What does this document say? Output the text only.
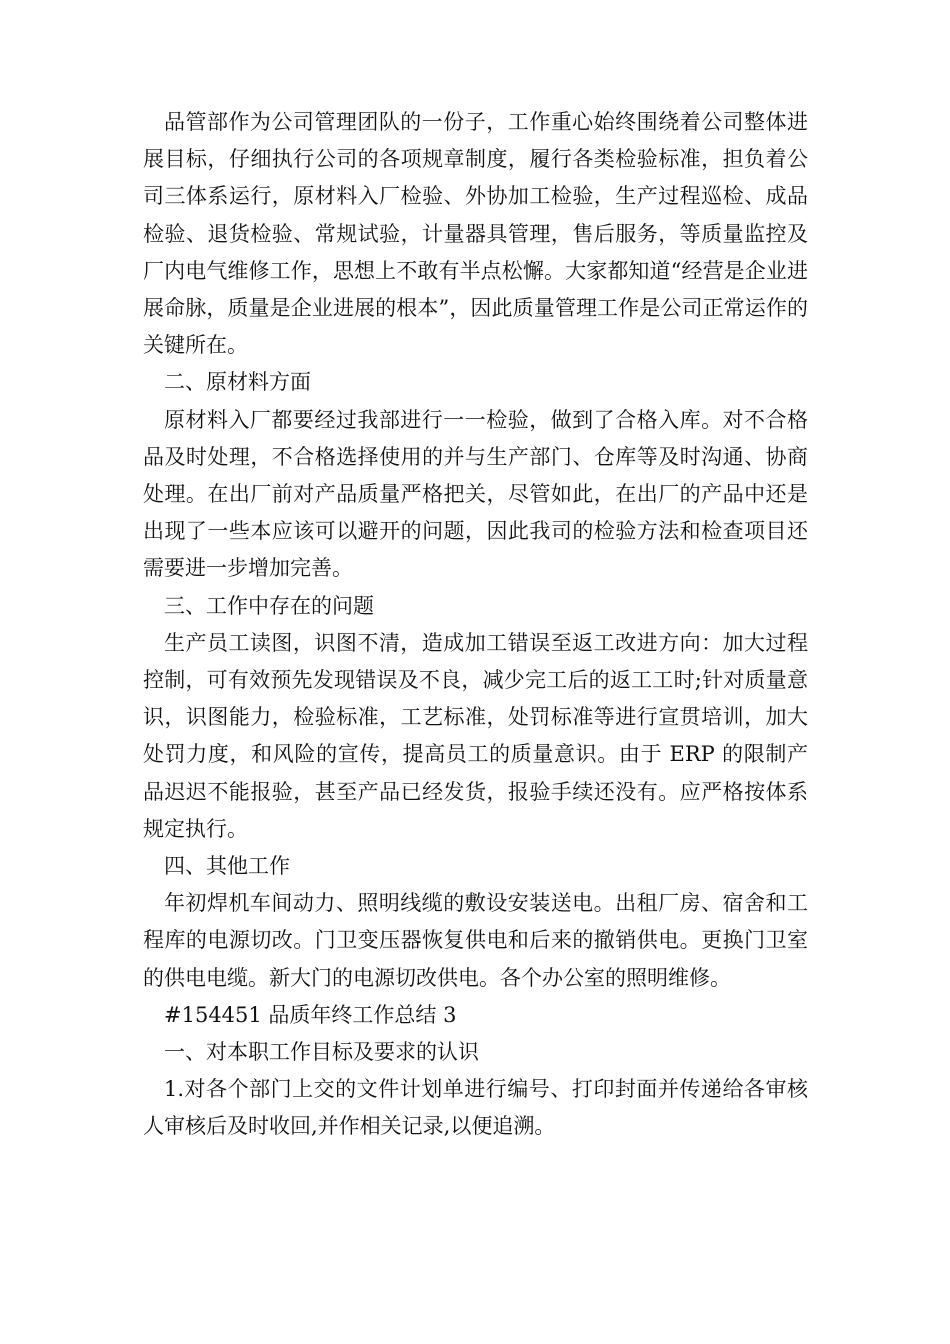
品管部作为公司管理团队的一份子，工作重心始终围绕着公司整体进展目标，仔细执行公司的各项规章制度，履行各类检验标准，担负着公司三体系运行，原材料入厂检验、外协加工检验，生产过程巡检、成品检验、退货检验、常规试验，计量器具管理，售后服务，等质量监控及厂内电气维修工作，思想上不敢有半点松懈。大家都知道“经营是企业进展命脉，质量是企业进展的根本”，因此质量管理工作是公司正常运作的关键所在。

二、原材料方面

原材料入厂都要经过我部进行一一检验，做到了合格入库。对不合格品及时处理，不合格选择使用的并与生产部门、仓库等及时沟通、协商处理。在出厂前对产品质量严格把关，尽管如此，在出厂的产品中还是出现了一些本应该可以避开的问题，因此我司的检验方法和检查项目还需要进一步增加完善。

三、工作中存在的问题

生产员工读图，识图不清，造成加工错误至返工改进方向：加大过程控制，可有效预先发现错误及不良，减少完工后的返工工时;针对质量意识，识图能力，检验标准，工艺标准，处罚标准等进行宣贯培训，加大处罚力度，和风险的宣传，提高员工的质量意识。由于 ERP 的限制产品迟迟不能报验，甚至产品已经发货，报验手续还没有。应严格按体系规定执行。

四、其他工作

年初焊机车间动力、照明线缆的敷设安装送电。出租厂房、宿舍和工程库的电源切改。门卫变压器恢复供电和后来的撤销供电。更换门卫室的供电电缆。新大门的电源切改供电。各个办公室的照明维修。

#154451 品质年终工作总结 3

一、对本职工作目标及要求的认识

1.对各个部门上交的文件计划单进行编号、打印封面并传递给各审核人审核后及时收回,并作相关记录,以便追溯。
